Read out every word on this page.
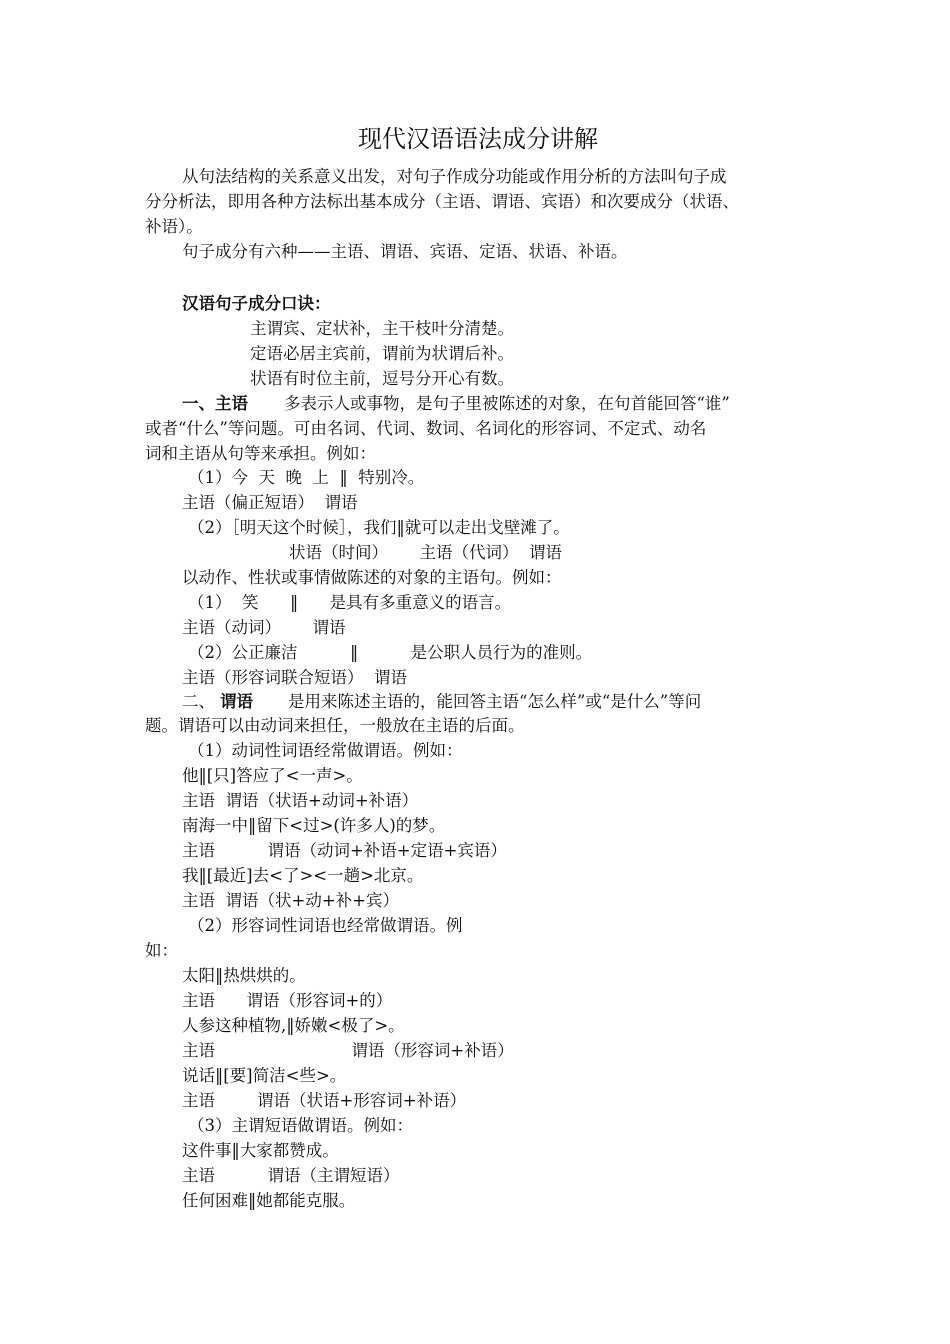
现代汉语语法成分讲解
从句法结构的关系意义出发，对句子作成分功能或作用分析的方法叫句子成
分分析法，即用各种方法标出基本成分（主语、谓语、宾语）和次要成分（状语、
补语）。
句子成分有六种——主语、谓语、宾语、定语、状语、补语。
汉语句子成分口诀：
主谓宾、定状补，主干枝叶分清楚。
定语必居主宾前，谓前为状谓后补。
状语有时位主前，逗号分开心有数。
一、主语 多表示人或事物，是句子里被陈述的对象，在句首能回答“谁”
或者“什么”等问题。可由名词、代词、数词、名词化的形容词、不定式、动名
词和主语从句等来承担。例如：
（1）今  天  晚  上  ‖  特别冷。
主语（偏正短语）  谓语
（2）［明天这个时候］，我们‖就可以走出戈壁滩了。
状语（时间）      主语（代词）  谓语
以动作、性状或事情做陈述的对象的主语句。例如：
（1）  笑      ‖      是具有多重意义的语言。
主语（动词）      谓语
（2）公正廉洁          ‖          是公职人员行为的准则。
主语（形容词联合短语）  谓语
二、 谓语 是用来陈述主语的，能回答主语“怎么样”或“是什么”等问
题。谓语可以由动词来担任，一般放在主语的后面。
（1）动词性词语经常做谓语。例如：
他‖[只]答应了<一声>。
主语  谓语（状语+动词+补语）
南海一中‖留下<过>(许多人)的梦。
主语          谓语（动词+补语+定语+宾语）
我‖[最近]去<了><一趟>北京。
主语  谓语（状+动+补+宾）
（2）形容词性词语也经常做谓语。例
如：
太阳‖热烘烘的。
主语      谓语（形容词+的）
人参这种植物,‖娇嫩<极了>。
主语                          谓语（形容词+补语）
说话‖[要]简洁<些>。
主语        谓语（状语+形容词+补语）
（3）主谓短语做谓语。例如：
这件事‖大家都赞成。
主语          谓语（主谓短语）
任何困难‖她都能克服。
